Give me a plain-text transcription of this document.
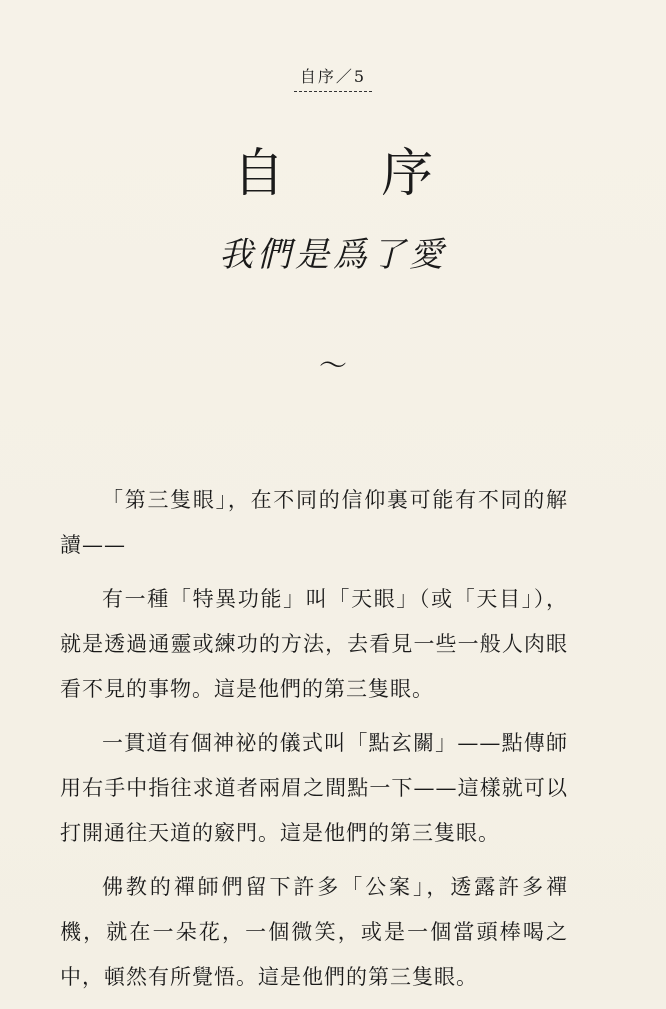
自序／5
自 序
我們是爲了愛
〜

「第三隻眼」，在不同的信仰裏可能有不同的解讀——

有一種「特異功能」叫「天眼」（或「天目」），就是透過通靈或練功的方法，去看見一些一般人肉眼看不見的事物。這是他們的第三隻眼。

一貫道有個神祕的儀式叫「點玄關」——點傳師用右手中指往求道者兩眉之間點一下——這樣就可以打開通往天道的竅門。這是他們的第三隻眼。

佛教的禪師們留下許多「公案」，透露許多禪機，就在一朵花，一個微笑，或是一個當頭棒喝之中，頓然有所覺悟。這是他們的第三隻眼。
